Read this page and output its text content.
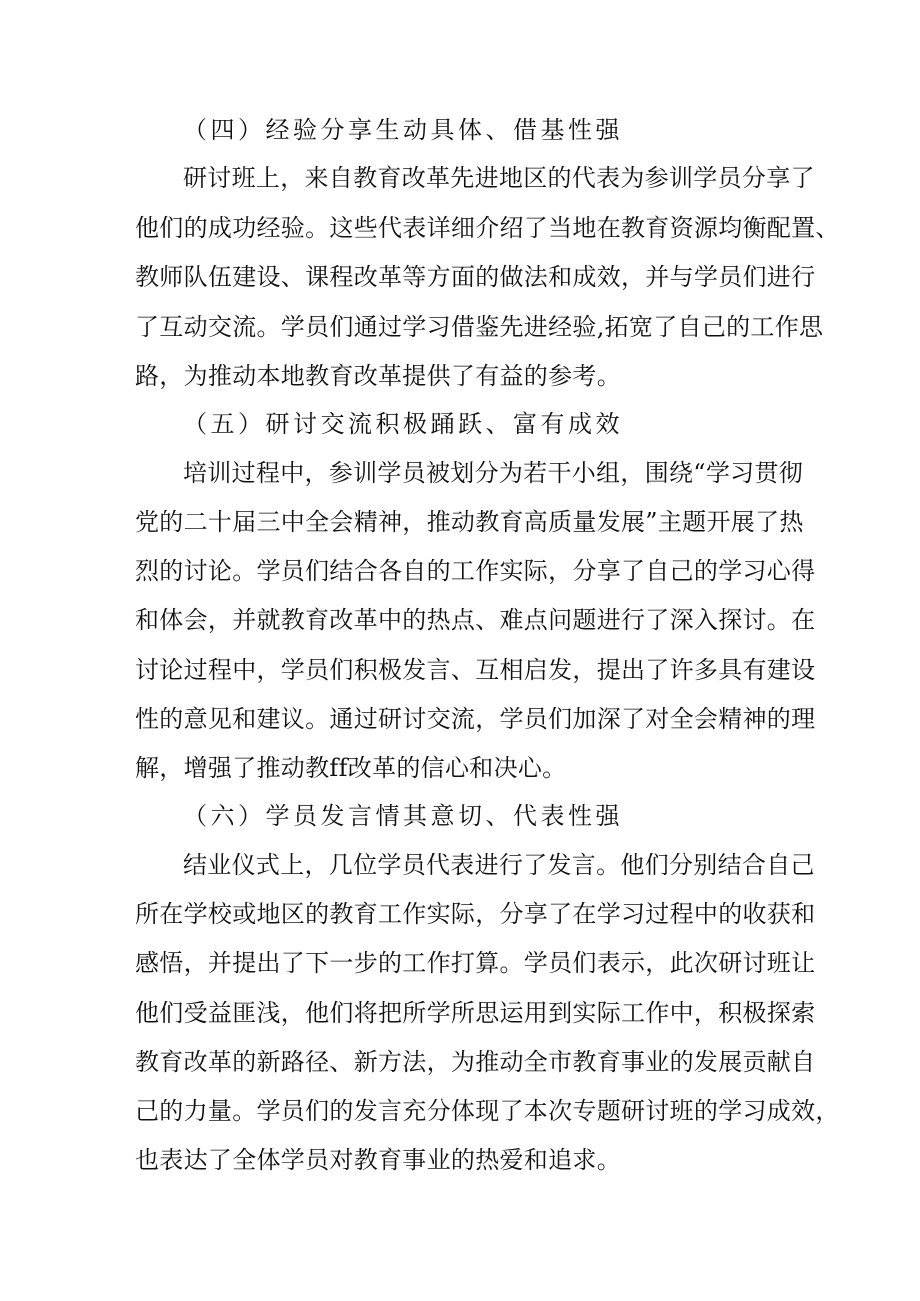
（四）经验分享生动具体、借基性强
研讨班上，来自教育改革先进地区的代表为参训学员分享了
他们的成功经验。这些代表详细介绍了当地在教育资源均衡配置、
教师队伍建设、课程改革等方面的做法和成效，并与学员们进行
了互动交流。学员们通过学习借鉴先进经验,拓宽了自己的工作思
路，为推动本地教育改革提供了有益的参考。
（五）研讨交流积极踊跃、富有成效
培训过程中，参训学员被划分为若干小组，围绕“学习贯彻
党的二十届三中全会精神，推动教育高质量发展”主题开展了热
烈的讨论。学员们结合各自的工作实际，分享了自己的学习心得
和体会，并就教育改革中的热点、难点问题进行了深入探讨。在
讨论过程中，学员们积极发言、互相启发，提出了许多具有建设
性的意见和建议。通过研讨交流，学员们加深了对全会精神的理
解，增强了推动教ff改革的信心和决心。
（六）学员发言情其意切、代表性强
结业仪式上，几位学员代表进行了发言。他们分别结合自己
所在学校或地区的教育工作实际，分享了在学习过程中的收获和
感悟，并提出了下一步的工作打算。学员们表示，此次研讨班让
他们受益匪浅，他们将把所学所思运用到实际工作中，积极探索
教育改革的新路径、新方法，为推动全市教育事业的发展贡献自
己的力量。学员们的发言充分体现了本次专题研讨班的学习成效，
也表达了全体学员对教育事业的热爱和追求。
